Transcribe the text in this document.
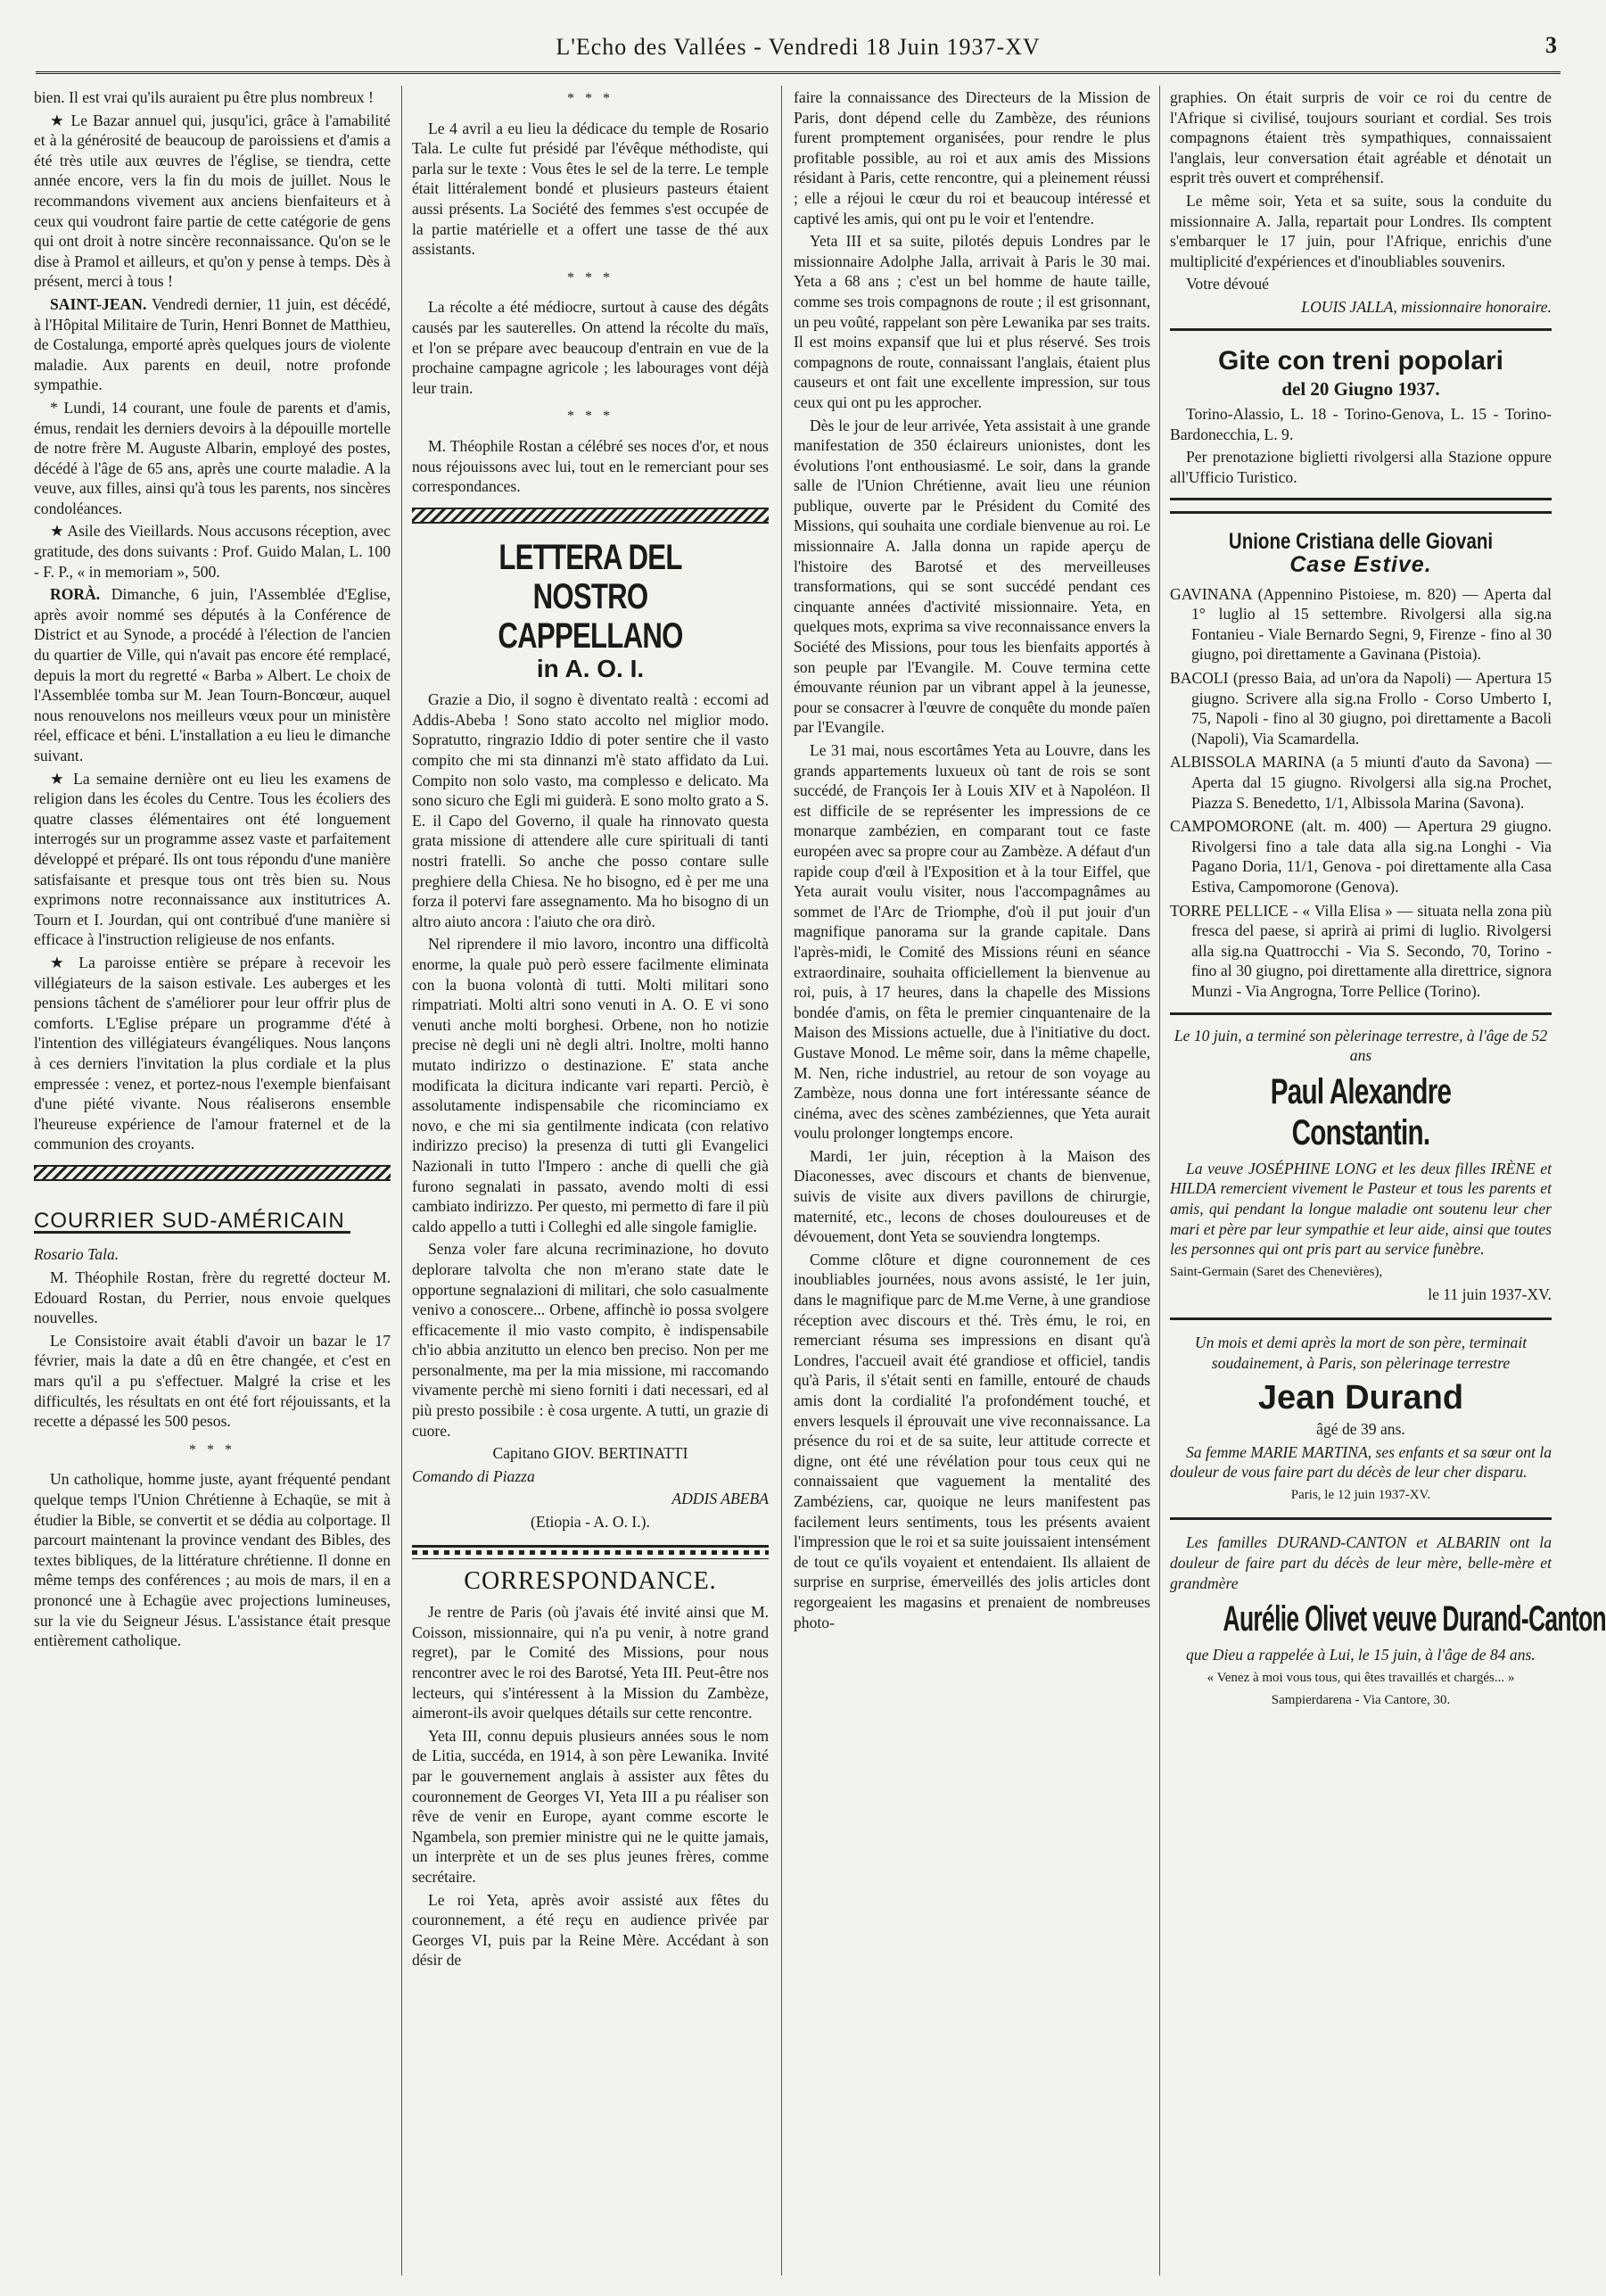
L'Echo des Vallées - Vendredi 18 Juin 1937-XV	3

bien. Il est vrai qu'ils auraient pu être plus nombreux !

★ Le Bazar annuel qui, jusqu'ici, grâce à l'amabilité et à la générosité de beaucoup de paroissiens et d'amis a été très utile aux œuvres de l'église, se tiendra, cette année encore, vers la fin du mois de juillet. Nous le recommandons vivement aux anciens bienfaiteurs et à ceux qui voudront faire partie de cette catégorie de gens qui ont droit à notre sincère reconnaissance. Qu'on se le dise à Pramol et ailleurs, et qu'on y pense à temps. Dès à présent, merci à tous !

SAINT-JEAN. Vendredi dernier, 11 juin, est décédé, à l'Hôpital Militaire de Turin, Henri Bonnet de Matthieu, de Costalunga, emporté après quelques jours de violente maladie. Aux parents en deuil, notre profonde sympathie.

* Lundi, 14 courant, une foule de parents et d'amis, émus, rendait les derniers devoirs à la dépouille mortelle de notre frère M. Auguste Albarin, employé des postes, décédé à l'âge de 65 ans, après une courte maladie. A la veuve, aux filles, ainsi qu'à tous les parents, nos sincères condoléances.

★ Asile des Vieillards. Nous accusons réception, avec gratitude, des dons suivants : Prof. Guido Malan, L. 100 - F. P., « in memoriam », 500.

RORÀ. Dimanche, 6 juin, l'Assemblée d'Eglise, après avoir nommé ses députés à la Conférence de District et au Synode, a procédé à l'élection de l'ancien du quartier de Ville, qui n'avait pas encore été remplacé, depuis la mort du regretté « Barba » Albert. Le choix de l'Assemblée tomba sur M. Jean Tourn-Boncœur, auquel nous renouvelons nos meilleurs vœux pour un ministère réel, efficace et béni. L'installation a eu lieu le dimanche suivant.

★ La semaine dernière ont eu lieu les examens de religion dans les écoles du Centre. Tous les écoliers des quatre classes élémentaires ont été longuement interrogés sur un programme assez vaste et parfaitement développé et préparé. Ils ont tous répondu d'une manière satisfaisante et presque tous ont très bien su. Nous exprimons notre reconnaissance aux institutrices A. Tourn et I. Jourdan, qui ont contribué d'une manière si efficace à l'instruction religieuse de nos enfants.

★ La paroisse entière se prépare à recevoir les villégiateurs de la saison estivale. Les auberges et les pensions tâchent de s'améliorer pour leur offrir plus de comforts. L'Eglise prépare un programme d'été à l'intention des villégiateurs évangéliques. Nous lançons à ces derniers l'invitation la plus cordiale et la plus empressée : venez, et portez-nous l'exemple bienfaisant d'une piété vivante. Nous réaliserons ensemble l'heureuse expérience de l'amour fraternel et de la communion des croyants.

COURRIER SUD-AMÉRICAIN

Rosario Tala.

M. Théophile Rostan, frère du regretté docteur M. Edouard Rostan, du Perrier, nous envoie quelques nouvelles.

Le Consistoire avait établi d'avoir un bazar le 17 février, mais la date a dû en être changée, et c'est en mars qu'il a pu s'effectuer. Malgré la crise et les difficultés, les résultats en ont été fort réjouissants, et la recette a dépassé les 500 pesos.

* * *

Un catholique, homme juste, ayant fréquenté pendant quelque temps l'Union Chrétienne à Echaqüe, se mit à étudier la Bible, se convertit et se dédia au colportage. Il parcourt maintenant la province vendant des Bibles, des textes bibliques, de la littérature chrétienne. Il donne en même temps des conférences ; au mois de mars, il en a prononcé une à Echagüe avec projections lumineuses, sur la vie du Seigneur Jésus. L'assistance était presque entièrement catholique.

* * *

Le 4 avril a eu lieu la dédicace du temple de Rosario Tala. Le culte fut présidé par l'évêque méthodiste, qui parla sur le texte : Vous êtes le sel de la terre. Le temple était littéralement bondé et plusieurs pasteurs étaient aussi présents. La Société des femmes s'est occupée de la partie matérielle et a offert une tasse de thé aux assistants.

* * *

La récolte a été médiocre, surtout à cause des dégâts causés par les sauterelles. On attend la récolte du maïs, et l'on se prépare avec beaucoup d'entrain en vue de la prochaine campagne agricole ; les labourages vont déjà leur train.

* * *

M. Théophile Rostan a célébré ses noces d'or, et nous nous réjouissons avec lui, tout en le remerciant pour ses correspondances.

LETTERA DEL NOSTRO CAPPELLANO
in A. O. I.

Grazie a Dio, il sogno è diventato realtà : eccomi ad Addis-Abeba ! Sono stato accolto nel miglior modo. Sopratutto, ringrazio Iddio di poter sentire che il vasto compito che mi sta dinnanzi m'è stato affidato da Lui. Compito non solo vasto, ma complesso e delicato. Ma sono sicuro che Egli mi guiderà. E sono molto grato a S. E. il Capo del Governo, il quale ha rinnovato questa grata missione di attendere alle cure spirituali di tanti nostri fratelli. So anche che posso contare sulle preghiere della Chiesa. Ne ho bisogno, ed è per me una forza il potervi fare assegnamento. Ma ho bisogno di un altro aiuto ancora : l'aiuto che ora dirò.

Nel riprendere il mio lavoro, incontro una difficoltà enorme, la quale può però essere facilmente eliminata con la buona volontà di tutti. Molti militari sono rimpatriati. Molti altri sono venuti in A. O. E vi sono venuti anche molti borghesi. Orbene, non ho notizie precise nè degli uni nè degli altri. Inoltre, molti hanno mutato indirizzo o destinazione. E' stata anche modificata la dicitura indicante vari reparti. Perciò, è assolutamente indispensabile che ricominciamo ex novo, e che mi sia gentilmente indicata (con relativo indirizzo preciso) la presenza di tutti gli Evangelici Nazionali in tutto l'Impero : anche di quelli che già furono segnalati in passato, avendo molti di essi cambiato indirizzo. Per questo, mi permetto di fare il più caldo appello a tutti i Colleghi ed alle singole famiglie.

Senza voler fare alcuna recriminazione, ho dovuto deplorare talvolta che non m'erano state date le opportune segnalazioni di militari, che solo casualmente venivo a conoscere... Orbene, affinchè io possa svolgere efficacemente il mio vasto compito, è indispensabile ch'io abbia anzitutto un elenco ben preciso. Non per me personalmente, ma per la mia missione, mi raccomando vivamente perchè mi sieno forniti i dati necessari, ed al più presto possibile : è cosa urgente. A tutti, un grazie di cuore.

Capitano GIOV. BERTINATTI

Comando di Piazza

ADDIS ABEBA

(Etiopia - A. O. I.).

CORRESPONDANCE.

Je rentre de Paris (où j'avais été invité ainsi que M. Coisson, missionnaire, qui n'a pu venir, à notre grand regret), par le Comité des Missions, pour nous rencontrer avec le roi des Barotsé, Yeta III. Peut-être nos lecteurs, qui s'intéressent à la Mission du Zambèze, aimeront-ils avoir quelques détails sur cette rencontre.

Yeta III, connu depuis plusieurs années sous le nom de Litia, succéda, en 1914, à son père Lewanika. Invité par le gouvernement anglais à assister aux fêtes du couronnement de Georges VI, Yeta III a pu réaliser son rêve de venir en Europe, ayant comme escorte le Ngambela, son premier ministre qui ne le quitte jamais, un interprète et un de ses plus jeunes frères, comme secrétaire.

Le roi Yeta, après avoir assisté aux fêtes du couronnement, a été reçu en audience privée par Georges VI, puis par la Reine Mère. Accédant à son désir de

faire la connaissance des Directeurs de la Mission de Paris, dont dépend celle du Zambèze, des réunions furent promptement organisées, pour rendre le plus profitable possible, au roi et aux amis des Missions résidant à Paris, cette rencontre, qui a pleinement réussi ; elle a réjoui le cœur du roi et beaucoup intéressé et captivé les amis, qui ont pu le voir et l'entendre.

Yeta III et sa suite, pilotés depuis Londres par le missionnaire Adolphe Jalla, arrivait à Paris le 30 mai. Yeta a 68 ans ; c'est un bel homme de haute taille, comme ses trois compagnons de route ; il est grisonnant, un peu voûté, rappelant son père Lewanika par ses traits. Il est moins expansif que lui et plus réservé. Ses trois compagnons de route, connaissant l'anglais, étaient plus causeurs et ont fait une excellente impression, sur tous ceux qui ont pu les approcher.

Dès le jour de leur arrivée, Yeta assistait à une grande manifestation de 350 éclaireurs unionistes, dont les évolutions l'ont enthousiasmé. Le soir, dans la grande salle de l'Union Chrétienne, avait lieu une réunion publique, ouverte par le Président du Comité des Missions, qui souhaita une cordiale bienvenue au roi. Le missionnaire A. Jalla donna un rapide aperçu de l'histoire des Barotsé et des merveilleuses transformations, qui se sont succédé pendant ces cinquante années d'activité missionnaire. Yeta, en quelques mots, exprima sa vive reconnaissance envers la Société des Missions, pour tous les bienfaits apportés à son peuple par l'Evangile. M. Couve termina cette émouvante réunion par un vibrant appel à la jeunesse, pour se consacrer à l'œuvre de conquête du monde païen par l'Evangile.

Le 31 mai, nous escortâmes Yeta au Louvre, dans les grands appartements luxueux où tant de rois se sont succédé, de François Ier à Louis XIV et à Napoléon. Il est difficile de se représenter les impressions de ce monarque zambézien, en comparant tout ce faste européen avec sa propre cour au Zambèze. A défaut d'un rapide coup d'œil à l'Exposition et à la tour Eiffel, que Yeta aurait voulu visiter, nous l'accompagnâmes au sommet de l'Arc de Triomphe, d'où il put jouir d'un magnifique panorama sur la grande capitale. Dans l'après-midi, le Comité des Missions réuni en séance extraordinaire, souhaita officiellement la bienvenue au roi, puis, à 17 heures, dans la chapelle des Missions bondée d'amis, on fêta le premier cinquantenaire de la Maison des Missions actuelle, due à l'initiative du doct. Gustave Monod. Le même soir, dans la même chapelle, M. Nen, riche industriel, au retour de son voyage au Zambèze, nous donna une fort intéressante séance de cinéma, avec des scènes zambéziennes, que Yeta aurait voulu prolonger longtemps encore.

Mardi, 1er juin, réception à la Maison des Diaconesses, avec discours et chants de bienvenue, suivis de visite aux divers pavillons de chirurgie, maternité, etc., lecons de choses douloureuses et de dévouement, dont Yeta se souviendra longtemps.

Comme clôture et digne couronnement de ces inoubliables journées, nous avons assisté, le 1er juin, dans le magnifique parc de M.me Verne, à une grandiose réception avec discours et thé. Très ému, le roi, en remerciant résuma ses impressions en disant qu'à Londres, l'accueil avait été grandiose et officiel, tandis qu'à Paris, il s'était senti en famille, entouré de chauds amis dont la cordialité l'a profondément touché, et envers lesquels il éprouvait une vive reconnaissance. La présence du roi et de sa suite, leur attitude correcte et digne, ont été une révélation pour tous ceux qui ne connaissaient que vaguement la mentalité des Zambéziens, car, quoique ne leurs manifestent pas facilement leurs sentiments, tous les présents avaient l'impression que le roi et sa suite jouissaient intensément de tout ce qu'ils voyaient et entendaient. Ils allaient de surprise en surprise, émerveillés des jolis articles dont regorgeaient les magasins et prenaient de nombreuses photo-

graphies. On était surpris de voir ce roi du centre de l'Afrique si civilisé, toujours souriant et cordial. Ses trois compagnons étaient très sympathiques, connaissaient l'anglais, leur conversation était agréable et dénotait un esprit très ouvert et compréhensif.

Le même soir, Yeta et sa suite, sous la conduite du missionnaire A. Jalla, repartait pour Londres. Ils comptent s'embarquer le 17 juin, pour l'Afrique, enrichis d'une multiplicité d'expériences et d'inoubliables souvenirs.

Votre dévoué

LOUIS JALLA, missionnaire honoraire.

Gite con treni popolari
del 20 Giugno 1937.

Torino-Alassio, L. 18 - Torino-Genova, L. 15 - Torino-Bardonecchia, L. 9.

Per prenotazione biglietti rivolgersi alla Stazione oppure all'Ufficio Turistico.

Unione Cristiana delle Giovani
Case Estive.

GAVINANA (Appennino Pistoiese, m. 820) — Aperta dal 1° luglio al 15 settembre. Rivolgersi alla sig.na Fontanieu - Viale Bernardo Segni, 9, Firenze - fino al 30 giugno, poi direttamente a Gavinana (Pistoia).

BACOLI (presso Baia, ad un'ora da Napoli) — Apertura 15 giugno. Scrivere alla sig.na Frollo - Corso Umberto I, 75, Napoli - fino al 30 giugno, poi direttamente a Bacoli (Napoli), Via Scamardella.

ALBISSOLA MARINA (a 5 miunti d'auto da Savona) — Aperta dal 15 giugno. Rivolgersi alla sig.na Prochet, Piazza S. Benedetto, 1/1, Albissola Marina (Savona).

CAMPOMORONE (alt. m. 400) — Apertura 29 giugno. Rivolgersi fino a tale data alla sig.na Longhi - Via Pagano Doria, 11/1, Genova - poi direttamente alla Casa Estiva, Campomorone (Genova).

TORRE PELLICE - « Villa Elisa » — situata nella zona più fresca del paese, si aprirà ai primi di luglio. Rivolgersi alla sig.na Quattrocchi - Via S. Secondo, 70, Torino - fino al 30 giugno, poi direttamente alla direttrice, signora Munzi - Via Angrogna, Torre Pellice (Torino).

Le 10 juin, a terminé son pèlerinage terrestre, à l'âge de 52 ans

Paul Alexandre Constantin.

La veuve JOSÉPHINE LONG et les deux filles IRÈNE et HILDA remercient vivement le Pasteur et tous les parents et amis, qui pendant la longue maladie ont soutenu leur cher mari et père par leur sympathie et leur aide, ainsi que toutes les personnes qui ont pris part au service funèbre.

Saint-Germain (Saret des Chenevières),

le 11 juin 1937-XV.

Un mois et demi après la mort de son père, terminait soudainement, à Paris, son pèlerinage terrestre

Jean Durand

âgé de 39 ans.

Sa femme MARIE MARTINA, ses enfants et sa sœur ont la douleur de vous faire part du décès de leur cher disparu.

Paris, le 12 juin 1937-XV.

Les familles DURAND-CANTON et ALBARIN ont la douleur de faire part du décès de leur mère, belle-mère et grandmère

Aurélie Olivet veuve Durand-Canton

que Dieu a rappelée à Lui, le 15 juin, à l'âge de 84 ans.

« Venez à moi vous tous, qui êtes travaillés et chargés... »

Sampierdarena - Via Cantore, 30.
